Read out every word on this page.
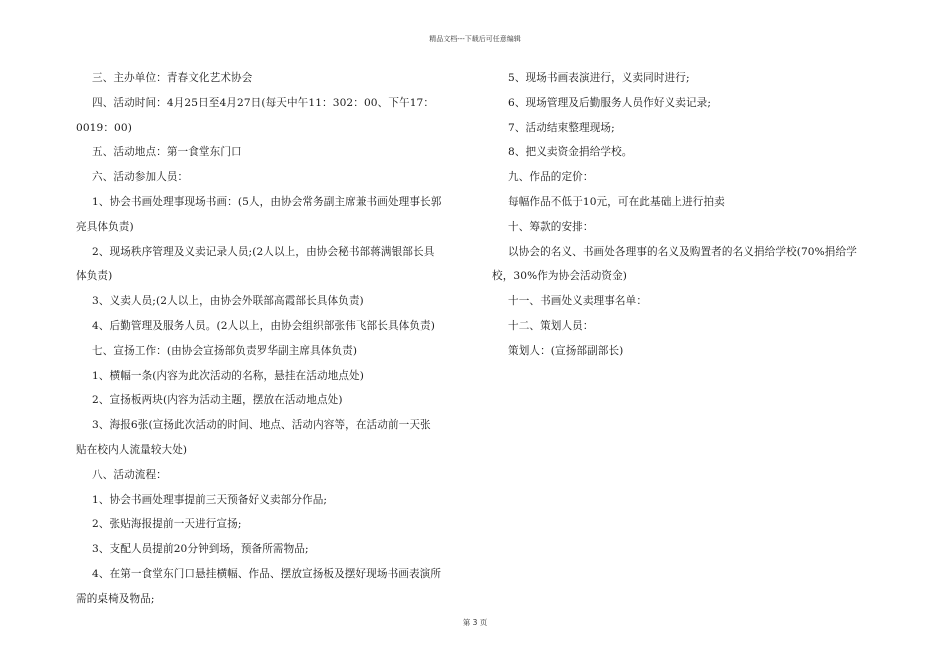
精品文档---下载后可任意编辑

三、主办单位：青春文化艺术协会

四、活动时间：4月25日至4月27日(每天中午11：302：00、下午17：

0019：00)

五、活动地点：第一食堂东门口

六、活动参加人员：

1、协会书画处理事现场书画：(5人，由协会常务副主席兼书画处理事长郭

亮具体负责)

2、现场秩序管理及义卖记录人员;(2人以上，由协会秘书部蒋满银部长具

体负责)

3、义卖人员;(2人以上，由协会外联部高霞部长具体负责)

4、后勤管理及服务人员。(2人以上，由协会组织部张伟飞部长具体负责)

七、宣扬工作：(由协会宣扬部负责罗华副主席具体负责)

1、横幅一条(内容为此次活动的名称，悬挂在活动地点处)

2、宣扬板两块(内容为活动主题，摆放在活动地点处)

3、海报6张(宣扬此次活动的时间、地点、活动内容等，在活动前一天张

贴在校内人流量较大处)

八、活动流程：

1、协会书画处理事提前三天预备好义卖部分作品;

2、张贴海报提前一天进行宣扬;

3、支配人员提前20分钟到场，预备所需物品;

4、在第一食堂东门口悬挂横幅、作品、摆放宣扬板及摆好现场书画表演所

需的桌椅及物品;

5、现场书画表演进行，义卖同时进行;

6、现场管理及后勤服务人员作好义卖记录;

7、活动结束整理现场;

8、把义卖资金捐给学校。

九、作品的定价：

每幅作品不低于10元，可在此基础上进行拍卖

十、筹款的安排：

以协会的名义、书画处各理事的名义及购置者的名义捐给学校(70%捐给学

校，30%作为协会活动资金)

十一、书画处义卖理事名单：

十二、策划人员：

策划人：(宣扬部副部长)

第 3 页
